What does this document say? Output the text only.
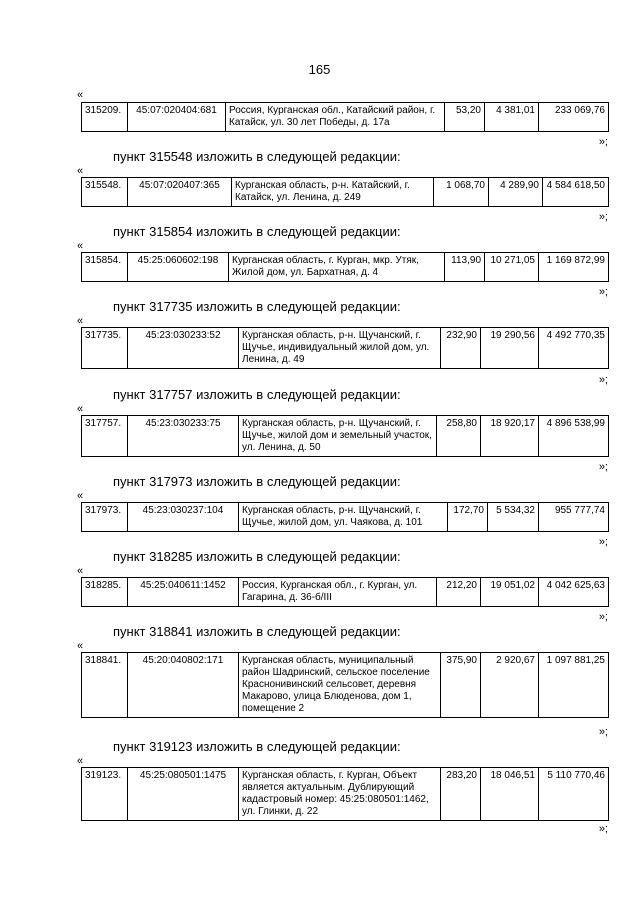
165
«
315209.	45:07:020404:681	Россия, Курганская обл., Катайский район, г. Катайск, ул. 30 лет Победы, д. 17а	53,20	4 381,01	233 069,76
»;
пункт 315548 изложить в следующей редакции:
«
315548.	45:07:020407:365	Курганская область, р-н. Катайский, г. Катайск, ул. Ленина, д. 249	1 068,70	4 289,90	4 584 618,50
»;
пункт 315854 изложить в следующей редакции:
«
315854.	45:25:060602:198	Курганская область, г. Курган, мкр. Утяк, Жилой дом, ул. Бархатная, д. 4	113,90	10 271,05	1 169 872,99
»;
пункт 317735 изложить в следующей редакции:
«
317735.	45:23:030233:52	Курганская область, р-н. Щучанский, г. Щучье, индивидуальный жилой дом, ул. Ленина, д. 49	232,90	19 290,56	4 492 770,35
»;
пункт 317757 изложить в следующей редакции:
«
317757.	45:23:030233:75	Курганская область, р-н. Щучанский, г. Щучье, жилой дом и земельный участок, ул. Ленина, д. 50	258,80	18 920,17	4 896 538,99
»;
пункт 317973 изложить в следующей редакции:
«
317973.	45:23:030237:104	Курганская область, р-н. Щучанский, г. Щучье, жилой дом, ул. Чаякова, д. 101	172,70	5 534,32	955 777,74
»;
пункт 318285 изложить в следующей редакции:
«
318285.	45:25:040611:1452	Россия, Курганская обл., г. Курган, ул. Гагарина, д. 36-б/III	212,20	19 051,02	4 042 625,63
»;
пункт 318841 изложить в следующей редакции:
«
318841.	45:20:040802:171	Курганская область, муниципальный район Шадринский, сельское поселение Краснонивинский сельсовет, деревня Макарово, улица Блюденова, дом 1, помещение 2	375,90	2 920,67	1 097 881,25
»;
пункт 319123 изложить в следующей редакции:
«
319123.	45:25:080501:1475	Курганская область, г. Курган, Объект является актуальным. Дублирующий кадастровый номер: 45:25:080501:1462, ул. Глинки, д. 22	283,20	18 046,51	5 110 770,46
»;
